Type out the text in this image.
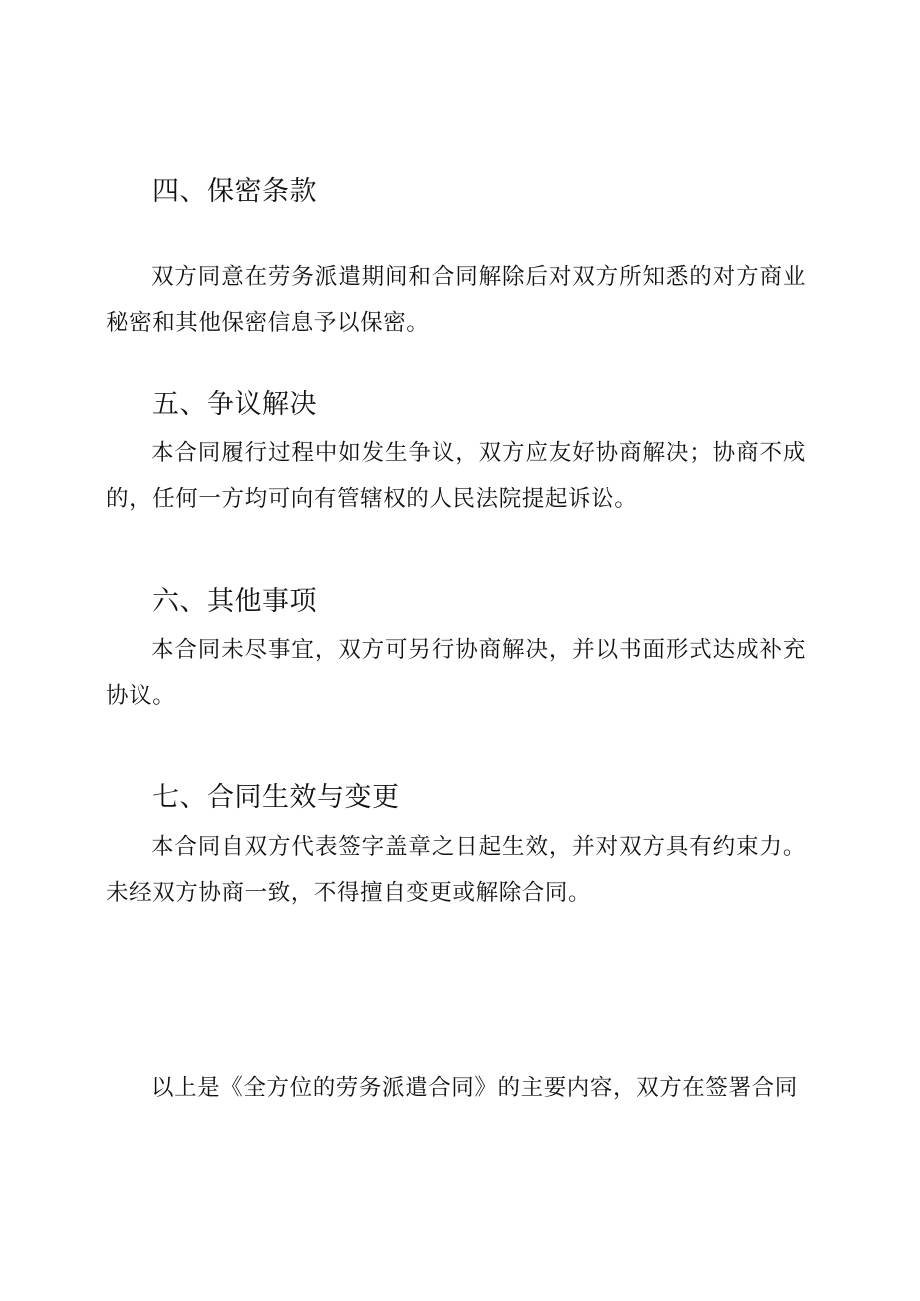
四、保密条款
双方同意在劳务派遣期间和合同解除后对双方所知悉的对方商业秘密和其他保密信息予以保密。
五、争议解决
本合同履行过程中如发生争议，双方应友好协商解决；协商不成的，任何一方均可向有管辖权的人民法院提起诉讼。
六、其他事项
本合同未尽事宜，双方可另行协商解决，并以书面形式达成补充协议。
七、合同生效与变更
本合同自双方代表签字盖章之日起生效，并对双方具有约束力。未经双方协商一致，不得擅自变更或解除合同。
以上是《全方位的劳务派遣合同》的主要内容，双方在签署合同
